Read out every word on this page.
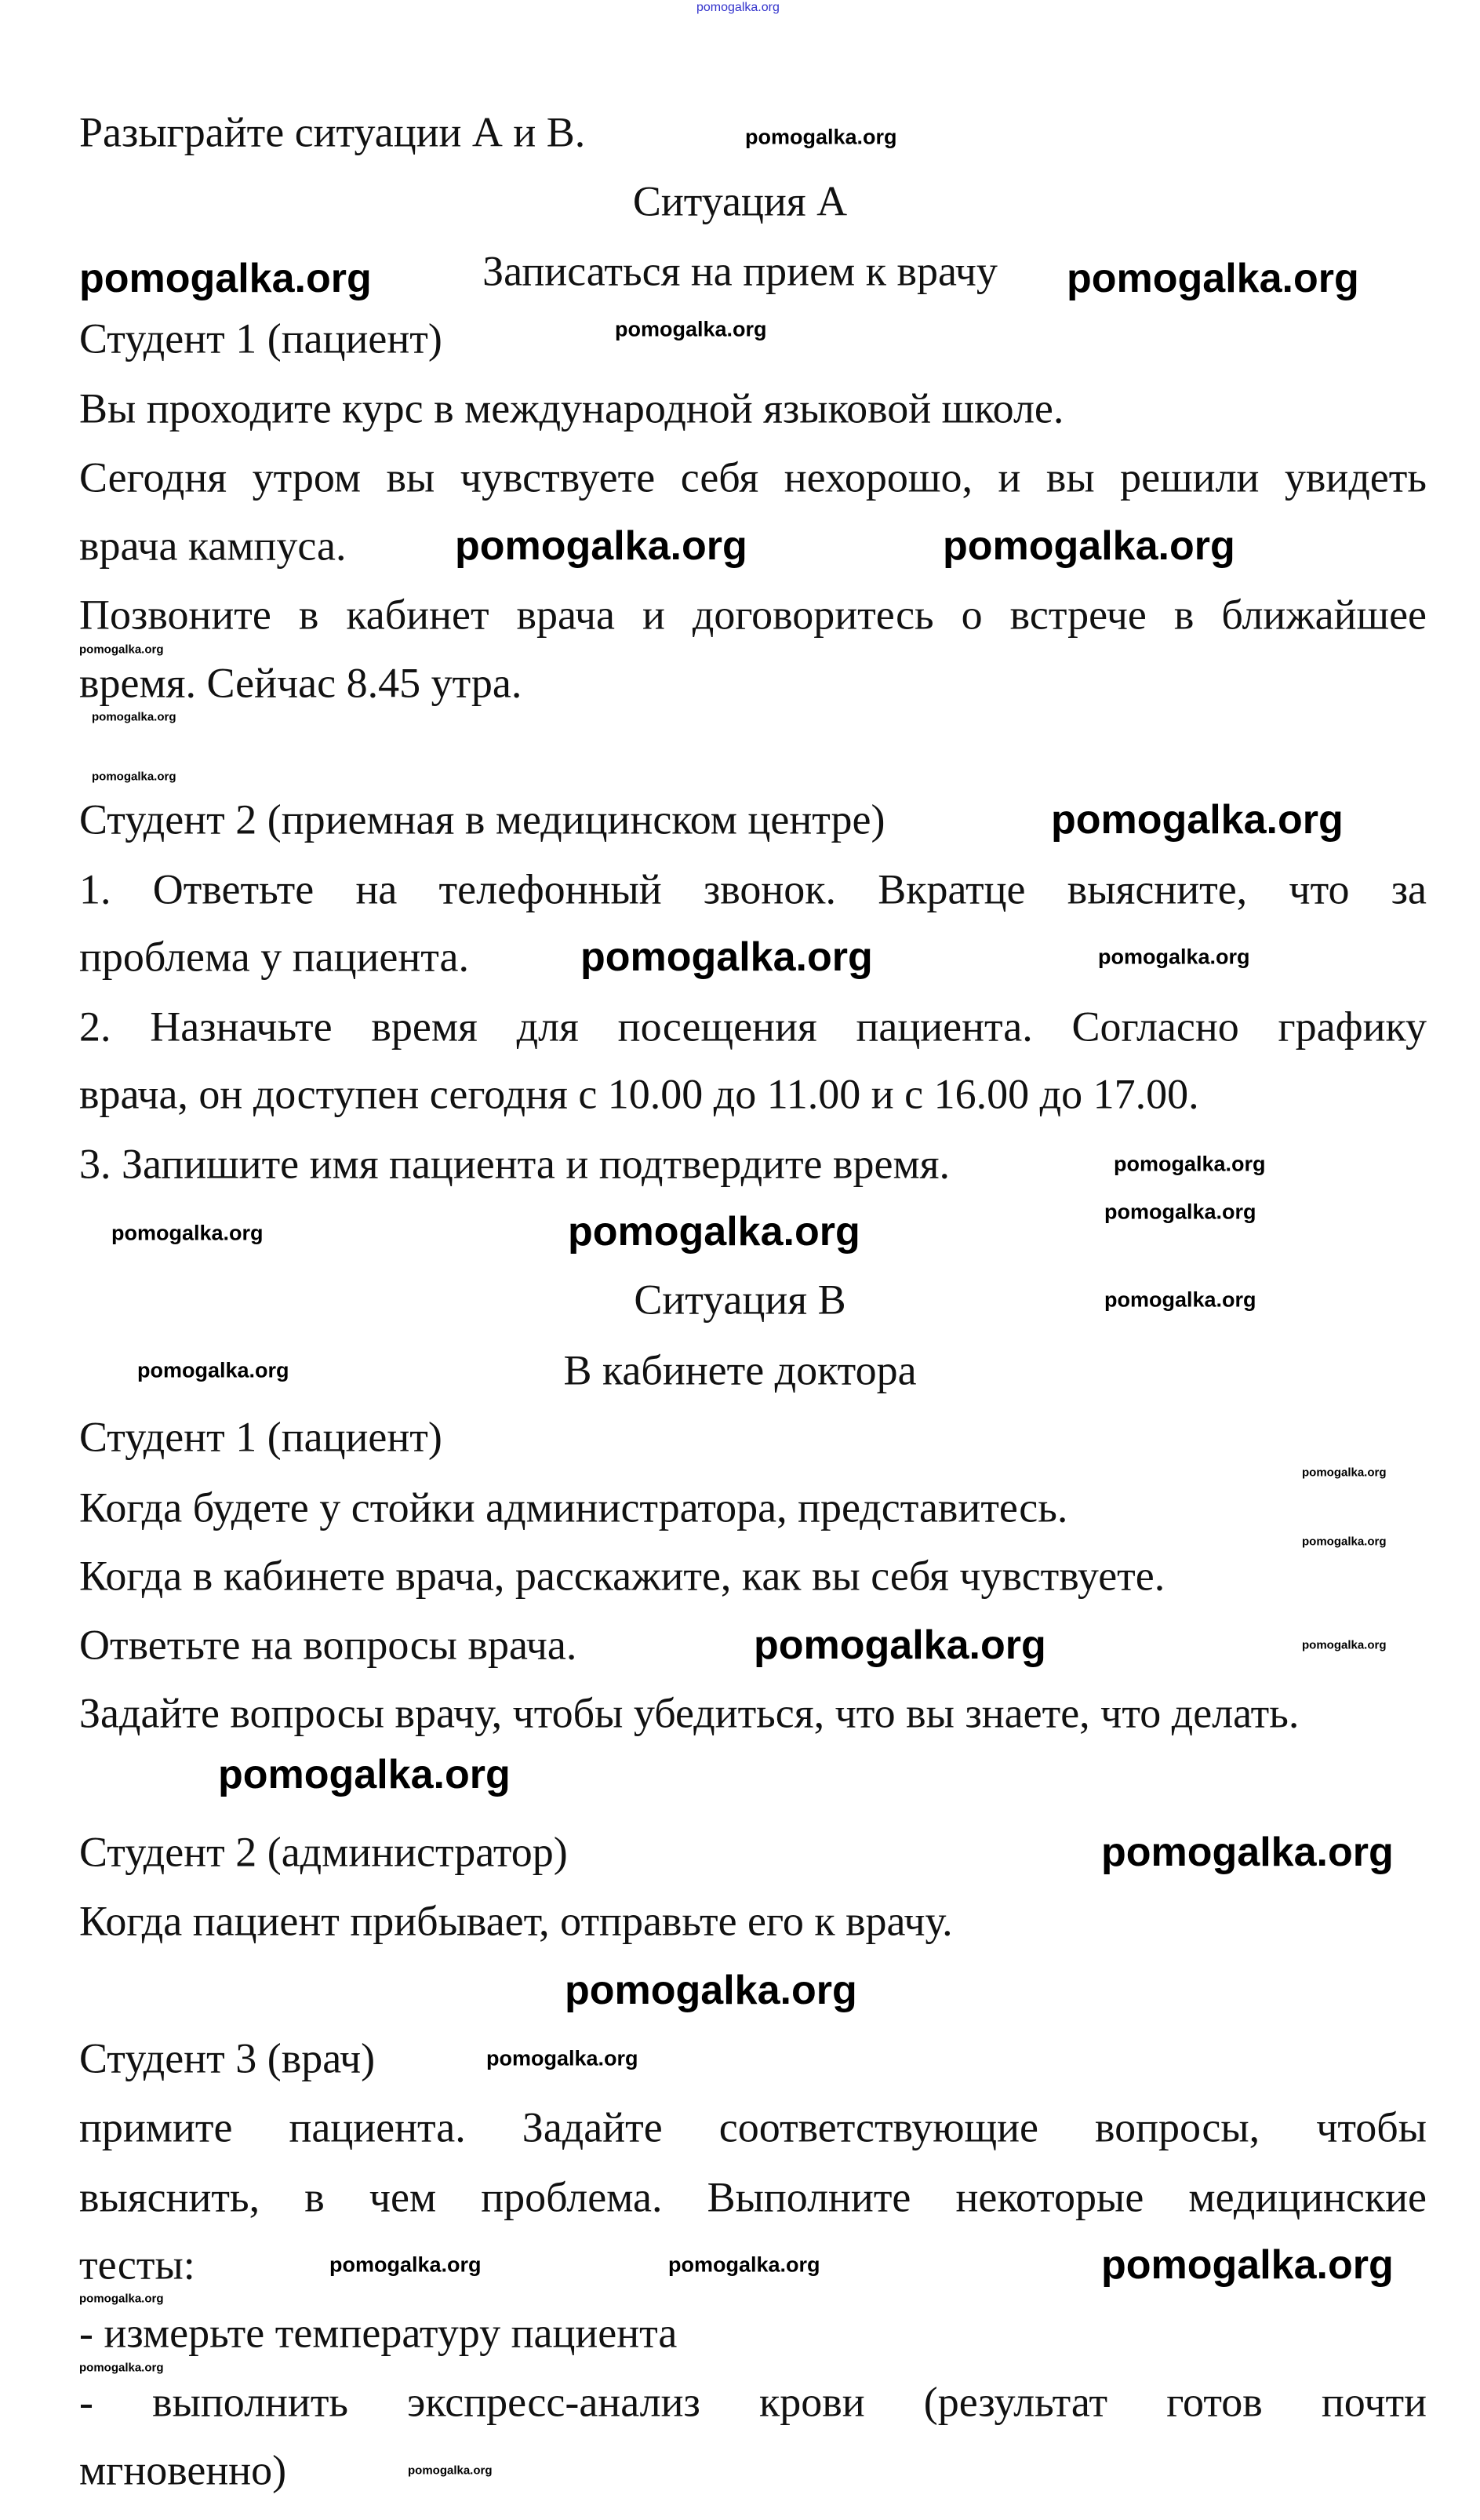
pomogalka.org
pomogalka.org
pomogalka.org	pomogalka.org
pomogalka.org
pomogalka.org	pomogalka.org
pomogalka.org
pomogalka.org
pomogalka.org
pomogalka.org
pomogalka.org
pomogalka.org
pomogalka.org
pomogalka.org
pomogalka.org	pomogalka.org
pomogalka.org
pomogalka.org
pomogalka.org
pomogalka.org
pomogalka.org	pomogalka.org
pomogalka.org
pomogalka.org
pomogalka.org
pomogalka.org
pomogalka.org
pomogalka.org
pomogalka.org	pomogalka.org
pomogalka.org
pomogalka.org
Разыграйте ситуации А и В.
Ситуация А
Записаться на прием к врачу
Студент 1 (пациент)
Вы проходите курс в международной языковой школе.
Сегодня утром вы чувствуете себя нехорошо, и вы решили увидеть
врача кампуса.
Позвоните в кабинет врача и договоритесь о встрече в ближайшее
время. Сейчас 8.45 утра.
Студент 2 (приемная в медицинском центре)
1. Ответьте на телефонный звонок. Вкратце выясните, что за
проблема у пациента.
2. Назначьте время для посещения пациента. Согласно графику
врача, он доступен сегодня с 10.00 до 11.00 и с 16.00 до 17.00.
3. Запишите имя пациента и подтвердите время.
Ситуация В
В кабинете доктора
Студент 1 (пациент)
Когда будете у стойки администратора, представитесь.
Когда в кабинете врача, расскажите, как вы себя чувствуете.
Ответьте на вопросы врача.
Задайте вопросы врачу, чтобы убедиться, что вы знаете, что делать.
Студент 2 (администратор)
Когда пациент прибывает, отправьте его к врачу.
Студент 3 (врач)
примите пациента. Задайте соответствующие вопросы, чтобы
выяснить, в чем проблема. Выполните некоторые медицинские
тесты:
- измерьте температуру пациента
- выполнить экспресс-анализ крови (результат готов почти
мгновенно)
